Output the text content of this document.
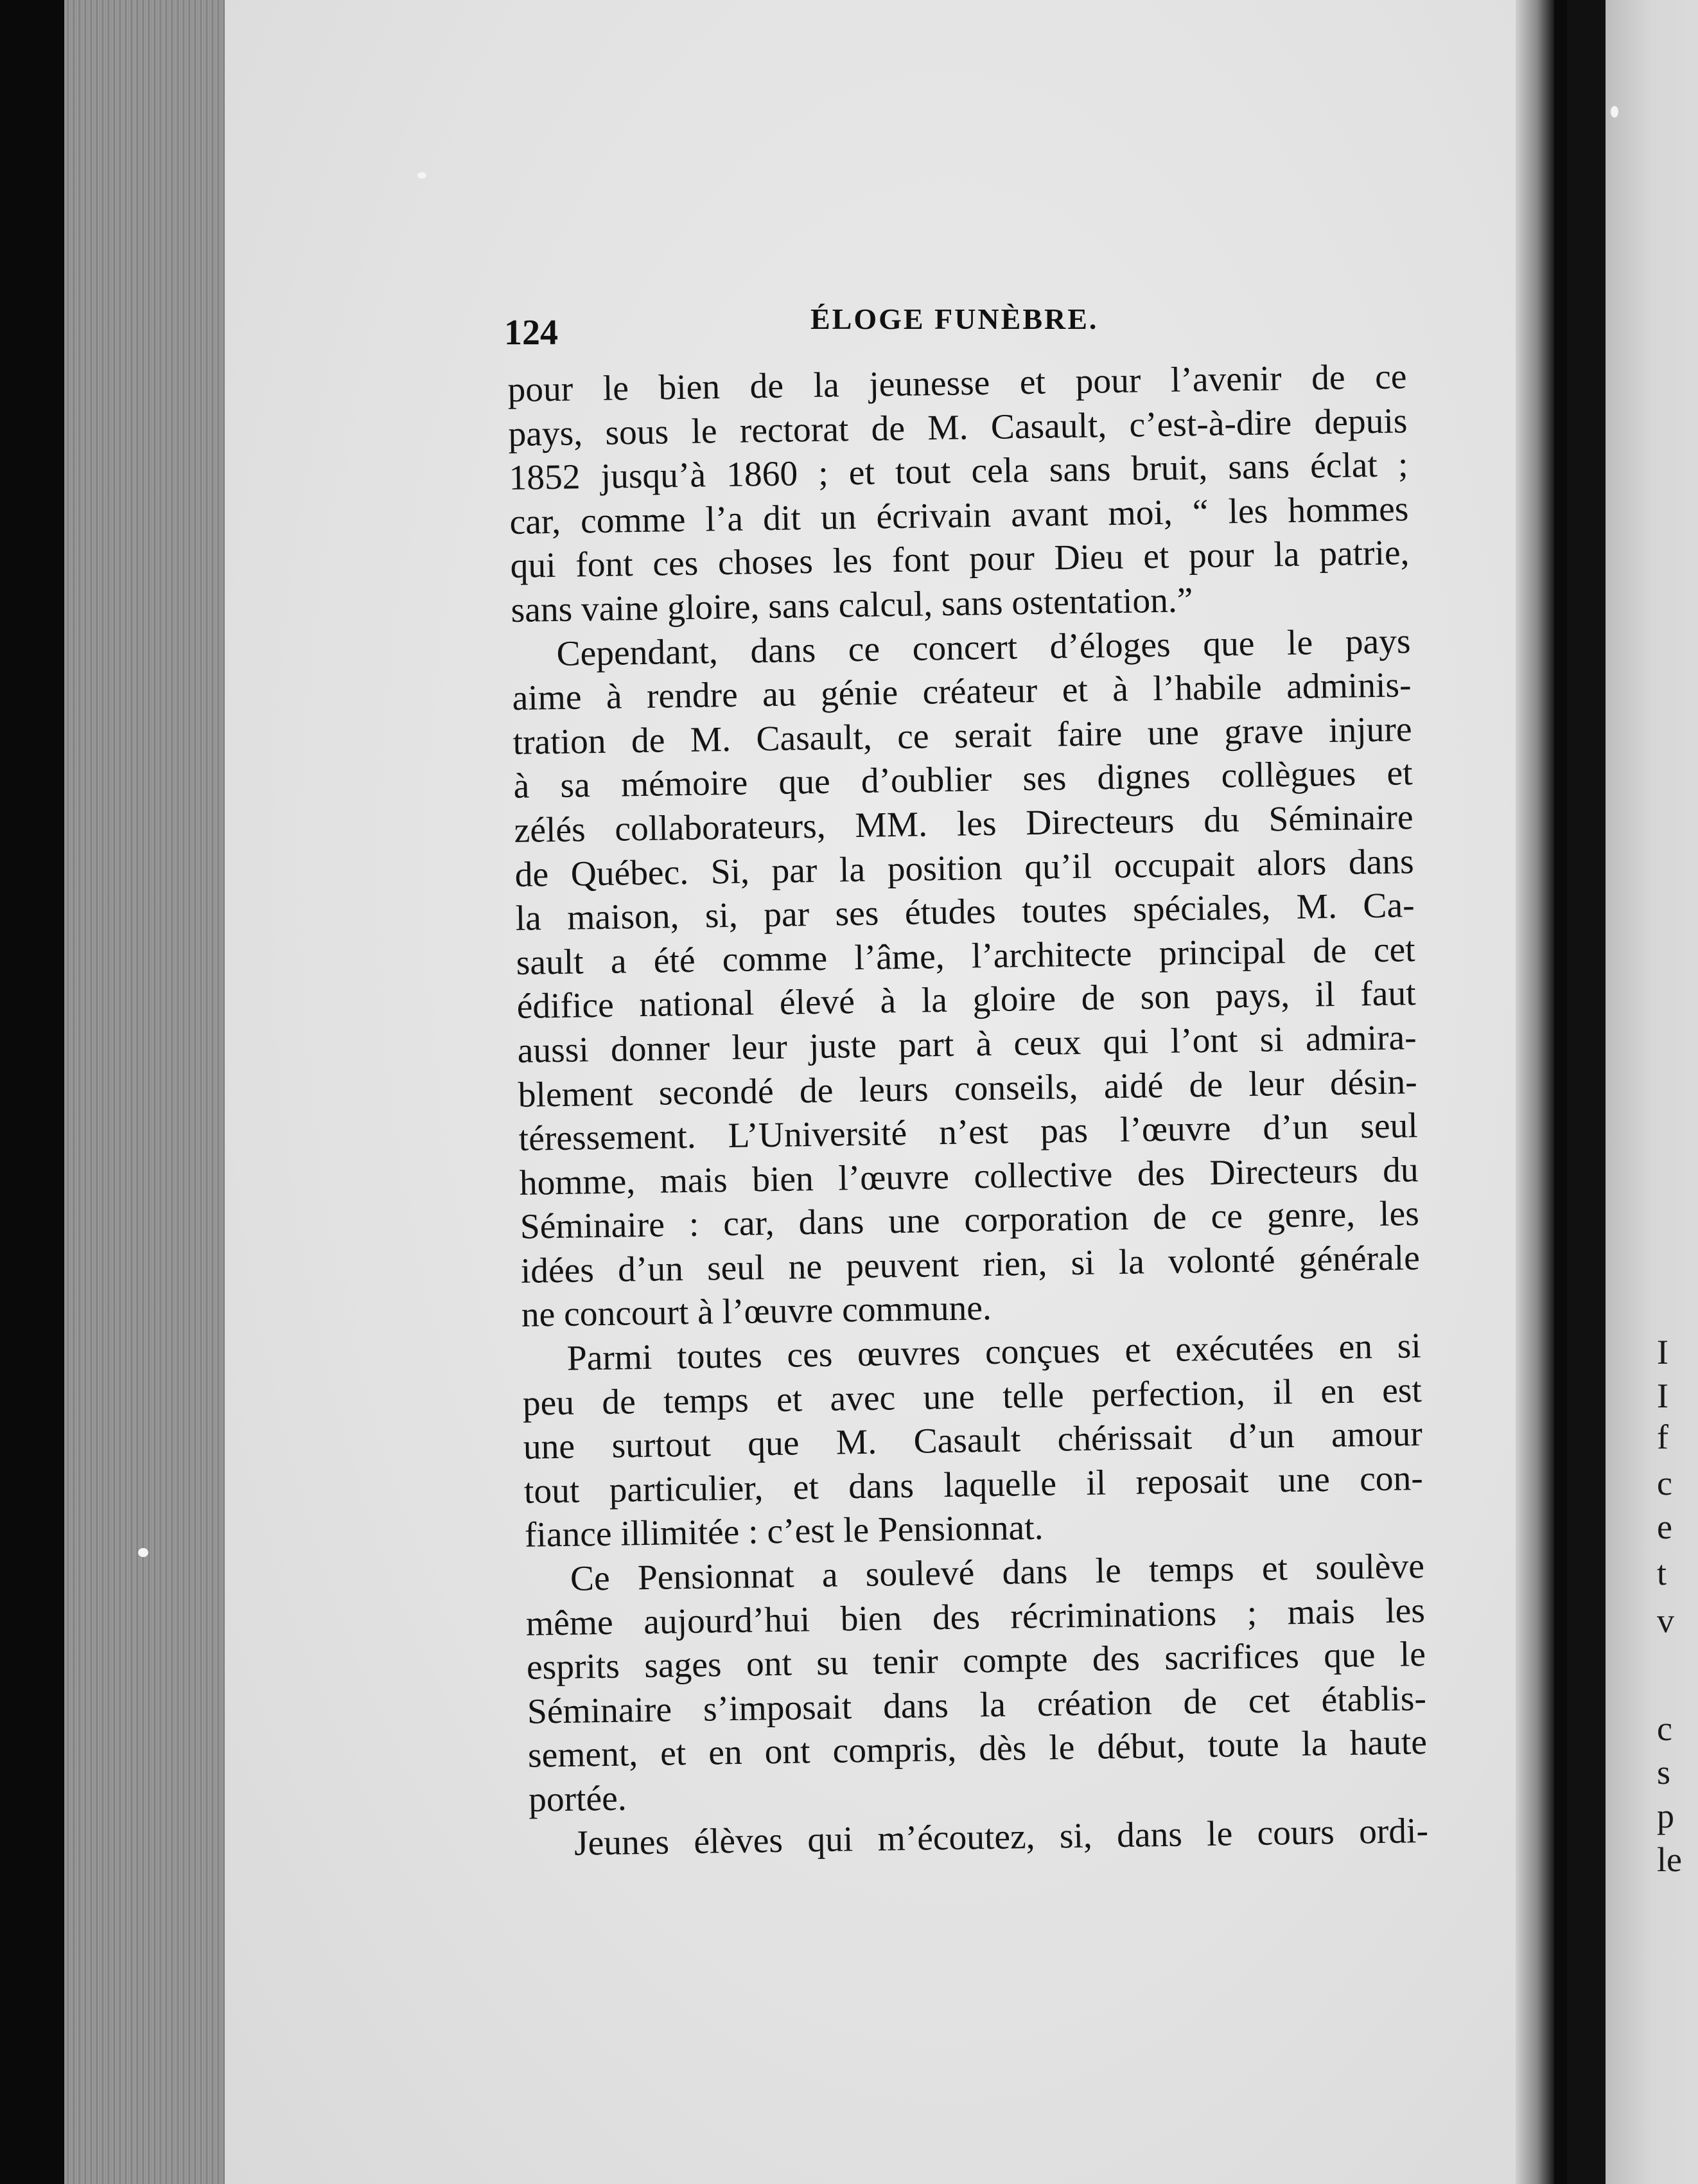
I
I
f
c
e
t
v
c
s
p
le
124	ÉLOGE FUNÈBRE.
pour le bien de la jeunesse et pour l’avenir de ce
pays, sous le rectorat de M. Casault, c’est-à-dire depuis
1852 jusqu’à 1860 ; et tout cela sans bruit, sans éclat ;
car, comme l’a dit un écrivain avant moi, “ les hommes
qui font ces choses les font pour Dieu et pour la patrie,
sans vaine gloire, sans calcul, sans ostentation.”
Cependant, dans ce concert d’éloges que le pays
aime à rendre au génie créateur et à l’habile adminis-
tration de M. Casault, ce serait faire une grave injure
à sa mémoire que d’oublier ses dignes collègues et
zélés collaborateurs, MM. les Directeurs du Séminaire
de Québec. Si, par la position qu’il occupait alors dans
la maison, si, par ses études toutes spéciales, M. Ca-
sault a été comme l’âme, l’architecte principal de cet
édifice national élevé à la gloire de son pays, il faut
aussi donner leur juste part à ceux qui l’ont si admira-
blement secondé de leurs conseils, aidé de leur désin-
téressement. L’Université n’est pas l’œuvre d’un seul
homme, mais bien l’œuvre collective des Directeurs du
Séminaire : car, dans une corporation de ce genre, les
idées d’un seul ne peuvent rien, si la volonté générale
ne concourt à l’œuvre commune.
Parmi toutes ces œuvres conçues et exécutées en si
peu de temps et avec une telle perfection, il en est
une surtout que M. Casault chérissait d’un amour
tout particulier, et dans laquelle il reposait une con-
fiance illimitée : c’est le Pensionnat.
Ce Pensionnat a soulevé dans le temps et soulève
même aujourd’hui bien des récriminations ; mais les
esprits sages ont su tenir compte des sacrifices que le
Séminaire s’imposait dans la création de cet établis-
sement, et en ont compris, dès le début, toute la haute
portée.
Jeunes élèves qui m’écoutez, si, dans le cours ordi-
